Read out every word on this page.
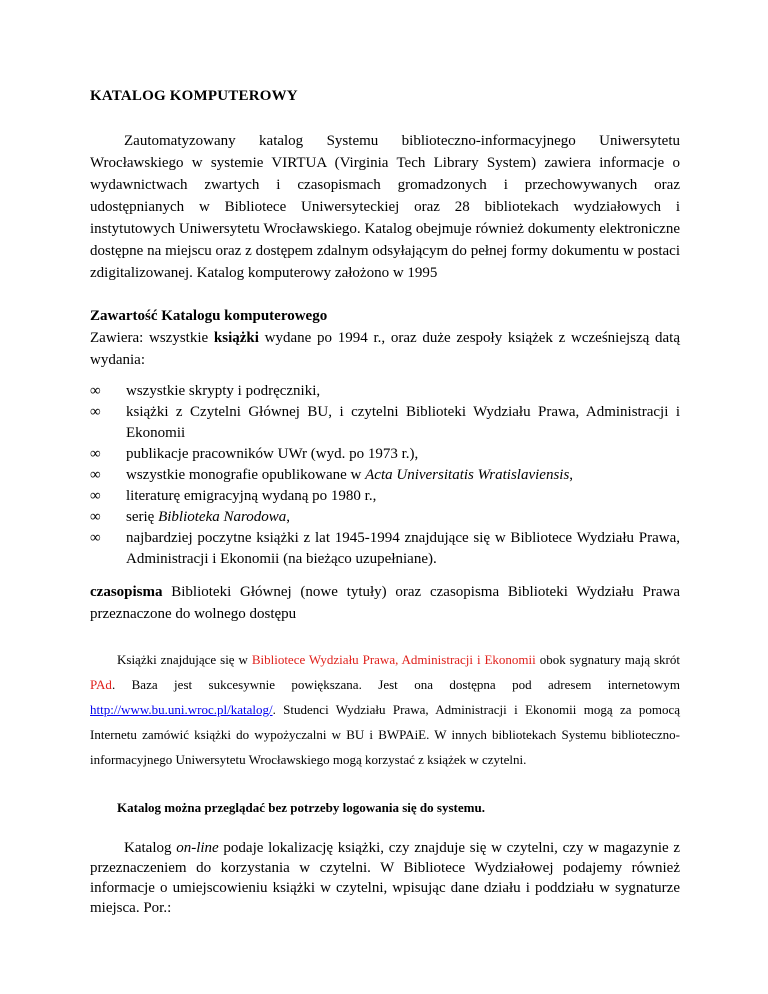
KATALOG KOMPUTEROWY

Zautomatyzowany katalog Systemu biblioteczno-informacyjnego Uniwersytetu Wrocławskiego w systemie VIRTUA (Virginia Tech Library System) zawiera informacje o wydawnictwach zwartych i czasopismach gromadzonych i przechowywanych oraz udostępnianych w Bibliotece Uniwersyteckiej oraz 28 bibliotekach wydziałowych i instytutowych Uniwersytetu Wrocławskiego. Katalog obejmuje również dokumenty elektroniczne dostępne na miejscu oraz z dostępem zdalnym odsyłającym do pełnej formy dokumentu w postaci zdigitalizowanej. Katalog komputerowy założono w 1995

Zawartość Katalogu komputerowego

Zawiera: wszystkie książki wydane po 1994 r., oraz duże zespoły książek z wcześniejszą datą wydania:

∞	wszystkie skrypty i podręczniki,
∞	książki z Czytelni Głównej BU, i czytelni Biblioteki Wydziału Prawa, Administracji i Ekonomii
∞	publikacje pracowników UWr (wyd. po 1973 r.),
∞	wszystkie monografie opublikowane w Acta Universitatis Wratislaviensis,
∞	literaturę emigracyjną wydaną po 1980 r.,
∞	serię Biblioteka Narodowa,
∞	najbardziej poczytne książki z lat 1945-1994 znajdujące się w Bibliotece Wydziału Prawa, Administracji i Ekonomii (na bieżąco uzupełniane).

czasopisma Biblioteki Głównej (nowe tytuły) oraz czasopisma Biblioteki Wydziału Prawa przeznaczone do wolnego dostępu

Książki znajdujące się w Bibliotece Wydziału Prawa, Administracji i Ekonomii obok sygnatury mają skrót PAd. Baza jest sukcesywnie powiększana. Jest ona dostępna pod adresem internetowym http://www.bu.uni.wroc.pl/katalog/. Studenci Wydziału Prawa, Administracji i Ekonomii mogą za pomocą Internetu zamówić książki do wypożyczalni w BU i BWPAiE. W innych bibliotekach Systemu biblioteczno-informacyjnego Uniwersytetu Wrocławskiego mogą korzystać z książek w czytelni.

Katalog można przeglądać bez potrzeby logowania się do systemu.

Katalog on-line podaje lokalizację książki, czy znajduje się w czytelni, czy w magazynie z przeznaczeniem do korzystania w czytelni. W Bibliotece Wydziałowej podajemy również informacje o umiejscowieniu książki w czytelni, wpisując dane działu i poddziału w sygnaturze miejsca. Por.:
